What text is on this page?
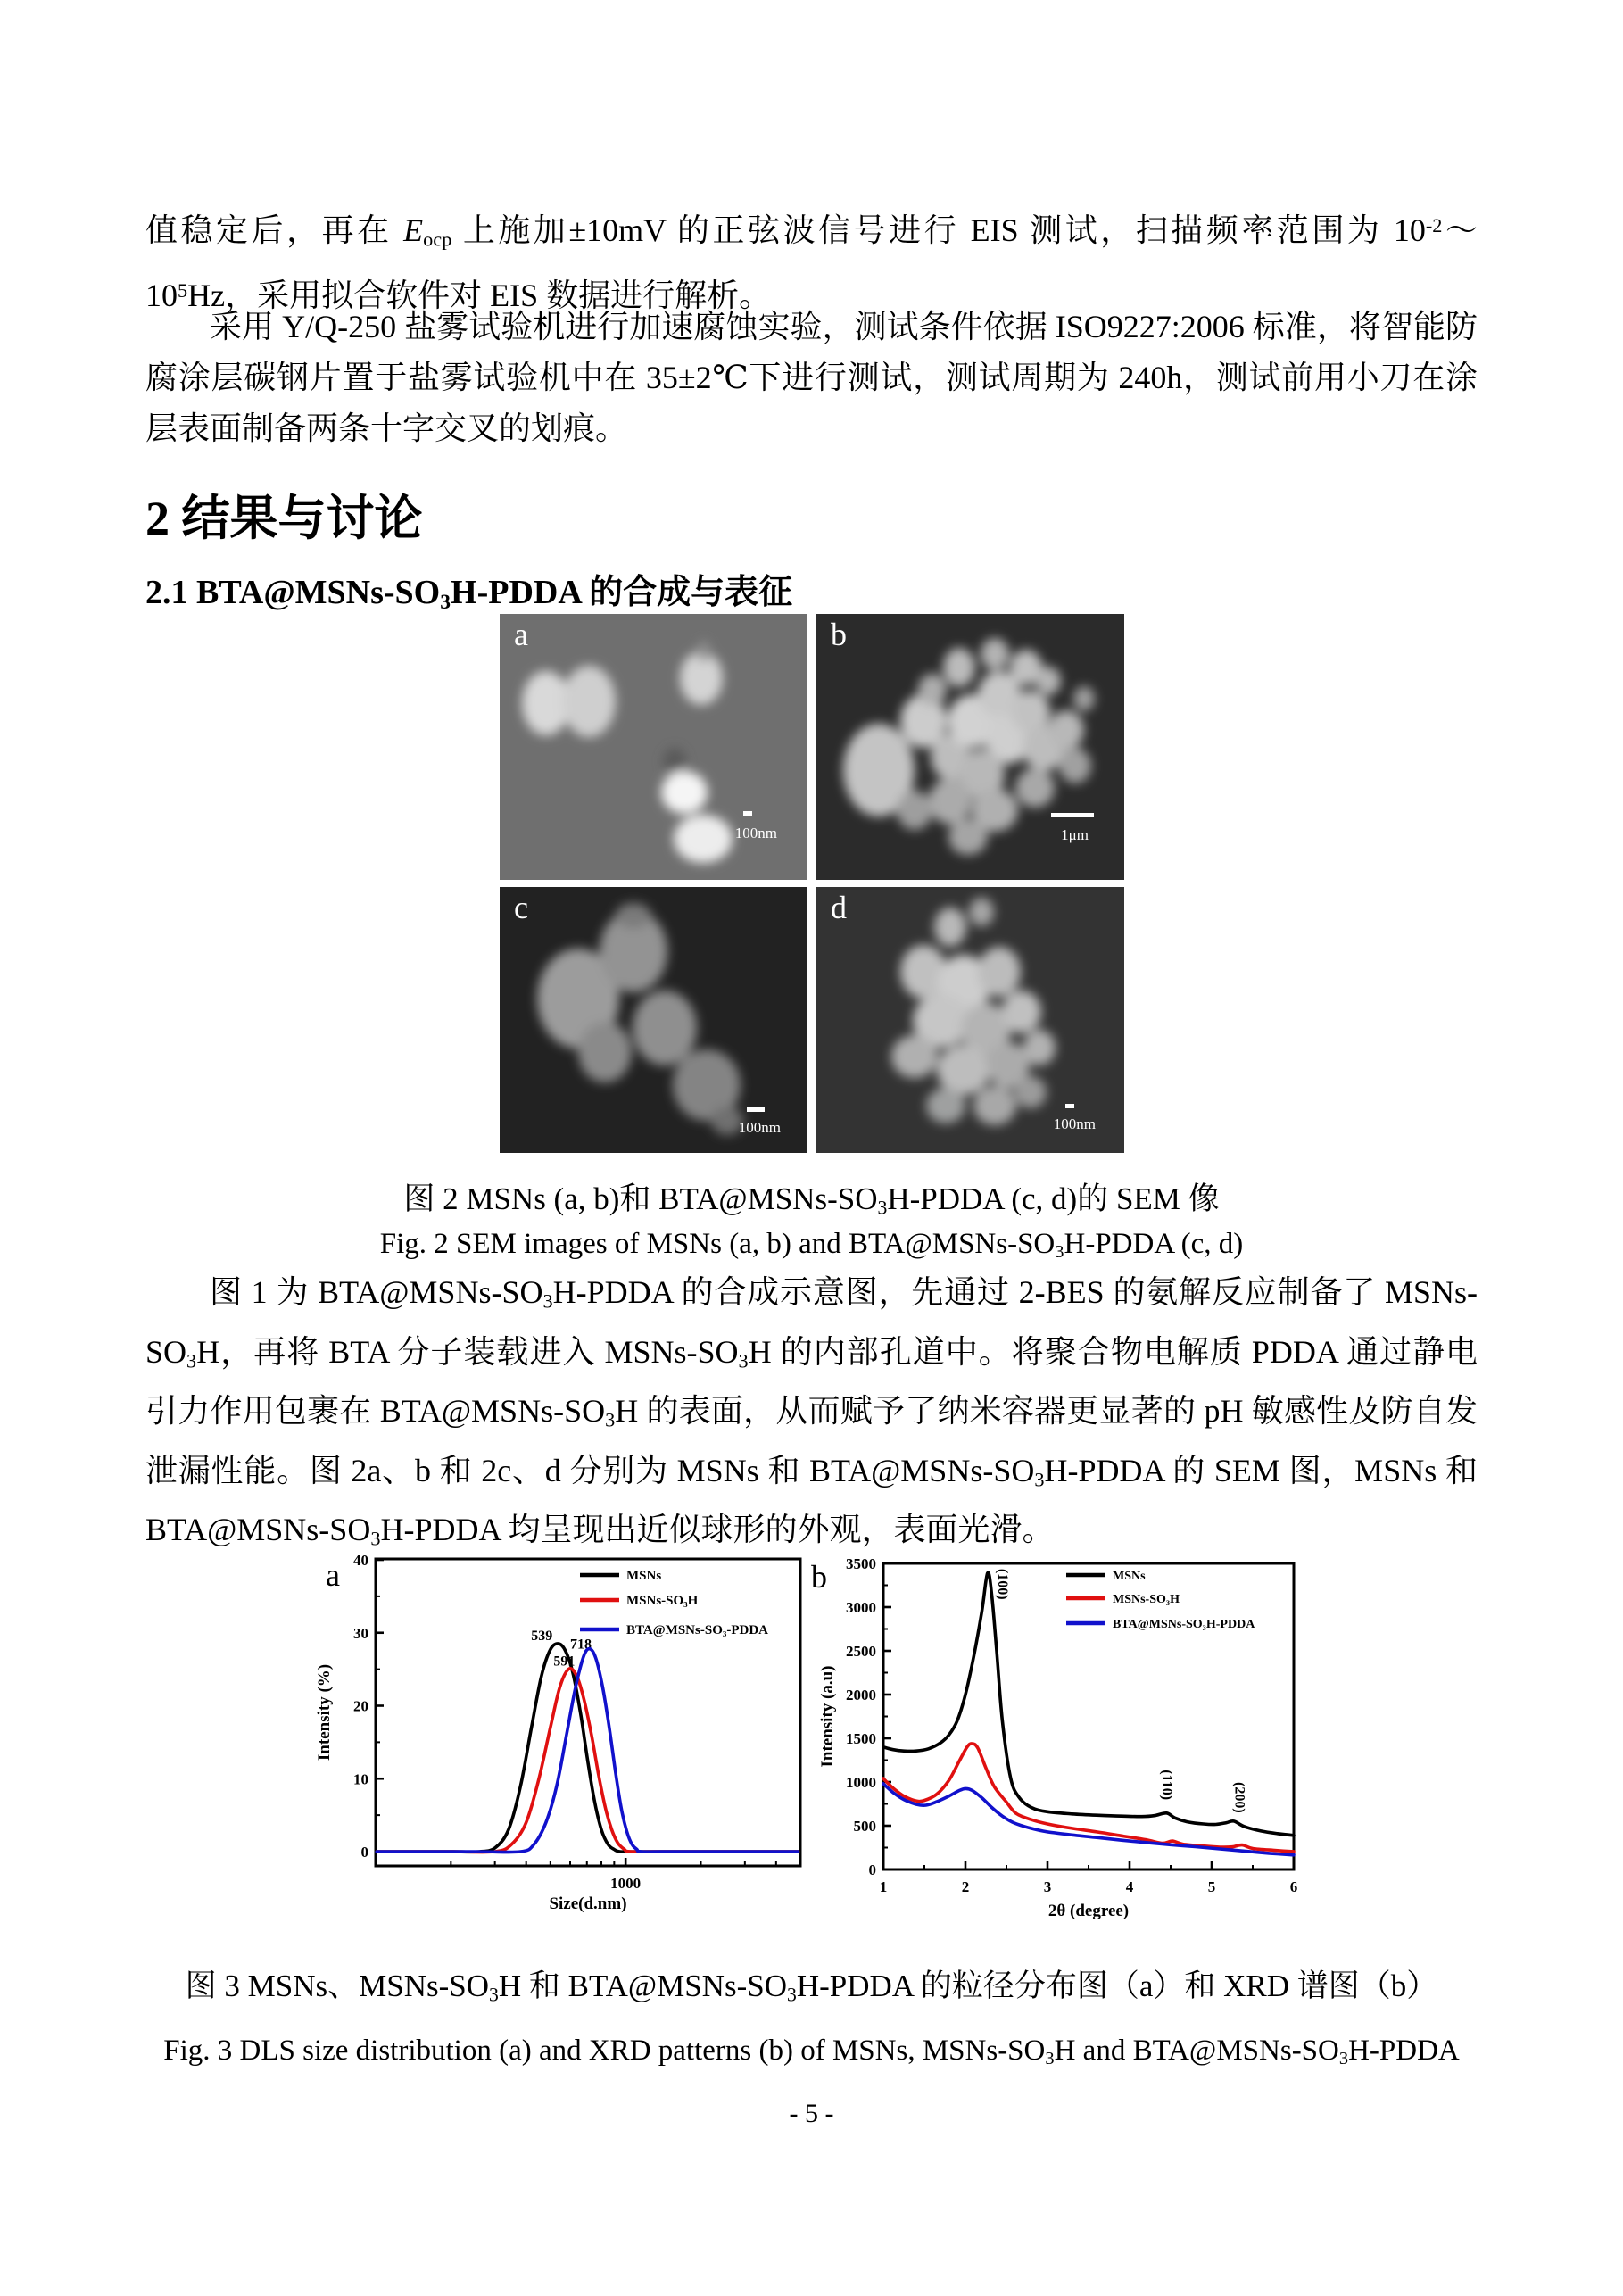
值稳定后，再在 $E_{ocp}$ 上施加±10mV 的正弦波信号进行 EIS 测试，扫描频率范围为 $10^{-2}\sim 10^5Hz$，采用拟合软件对 EIS 数据进行解析。

采用 Y/Q-250 盐雾试验机进行加速腐蚀实验，测试条件依据 ISO9227:2006 标准，将智能防腐涂层碳钢片置于盐雾试验机中在 35±2℃下进行测试，测试周期为 240h，测试前用小刀在涂层表面制备两条十字交叉的划痕。

2 结果与讨论
2.1 $BTA@MSNs-SO_3H$-PDDA 的合成与表征
a
100nm
b
1μm
c
100nm
d
100nm
图 2 MSNs (a, b)和 $BTA@MSNs-SO_3H$-PDDA (c, d)的 SEM 像
Fig. 2 SEM images of MSNs (a, b) and $BTA@MSNs-SO_3H$-PDDA (c, d)

图 1 为 $BTA@MSNs-SO_3H$-PDDA 的合成示意图，先通过 2-BES 的氨解反应制备了 MSNs-$SO_3H$，再将 BTA 分子装载进入 MSNs-$SO_3H$ 的内部孔道中。将聚合物电解质 PDDA 通过静电引力作用包裹在 $BTA@MSNs-SO_3H$ 的表面，从而赋予了纳米容器更显著的 pH 敏感性及防自发泄漏性能。图 2a、b 和 2c、d 分别为 MSNs 和 $BTA@MSNs-SO_3H$-PDDA 的 SEM 图，MSNs 和 $BTA@MSNs-SO_3H$-PDDA 均呈现出近似球形的外观，表面光滑。

0
10
20
30
40
1000
Size(d.nm)
Intensity (%)
a	MSNs
MSNs-SO₃H
BTA@MSNs-SO₃-PDDA
539
591
718
0
500
1000
1500
2000
2500
3000
3500
1	2	3	4	5	6
2θ (degree)
Intensity (a.u)
b	MSNs
MSNs-SO₃H
BTA@MSNs-SO₃H-PDDA
(100)
(110)	(200)
图 3 MSNs、MSNs-$SO_3H$ 和 $BTA@MSNs-SO_3H$-PDDA 的粒径分布图（a）和 XRD 谱图（b）
Fig. 3 DLS size distribution (a) and XRD patterns (b) of MSNs, MSNs-$SO_3H$ and $BTA@MSNs-SO_3H$-PDDA
- 5 -
